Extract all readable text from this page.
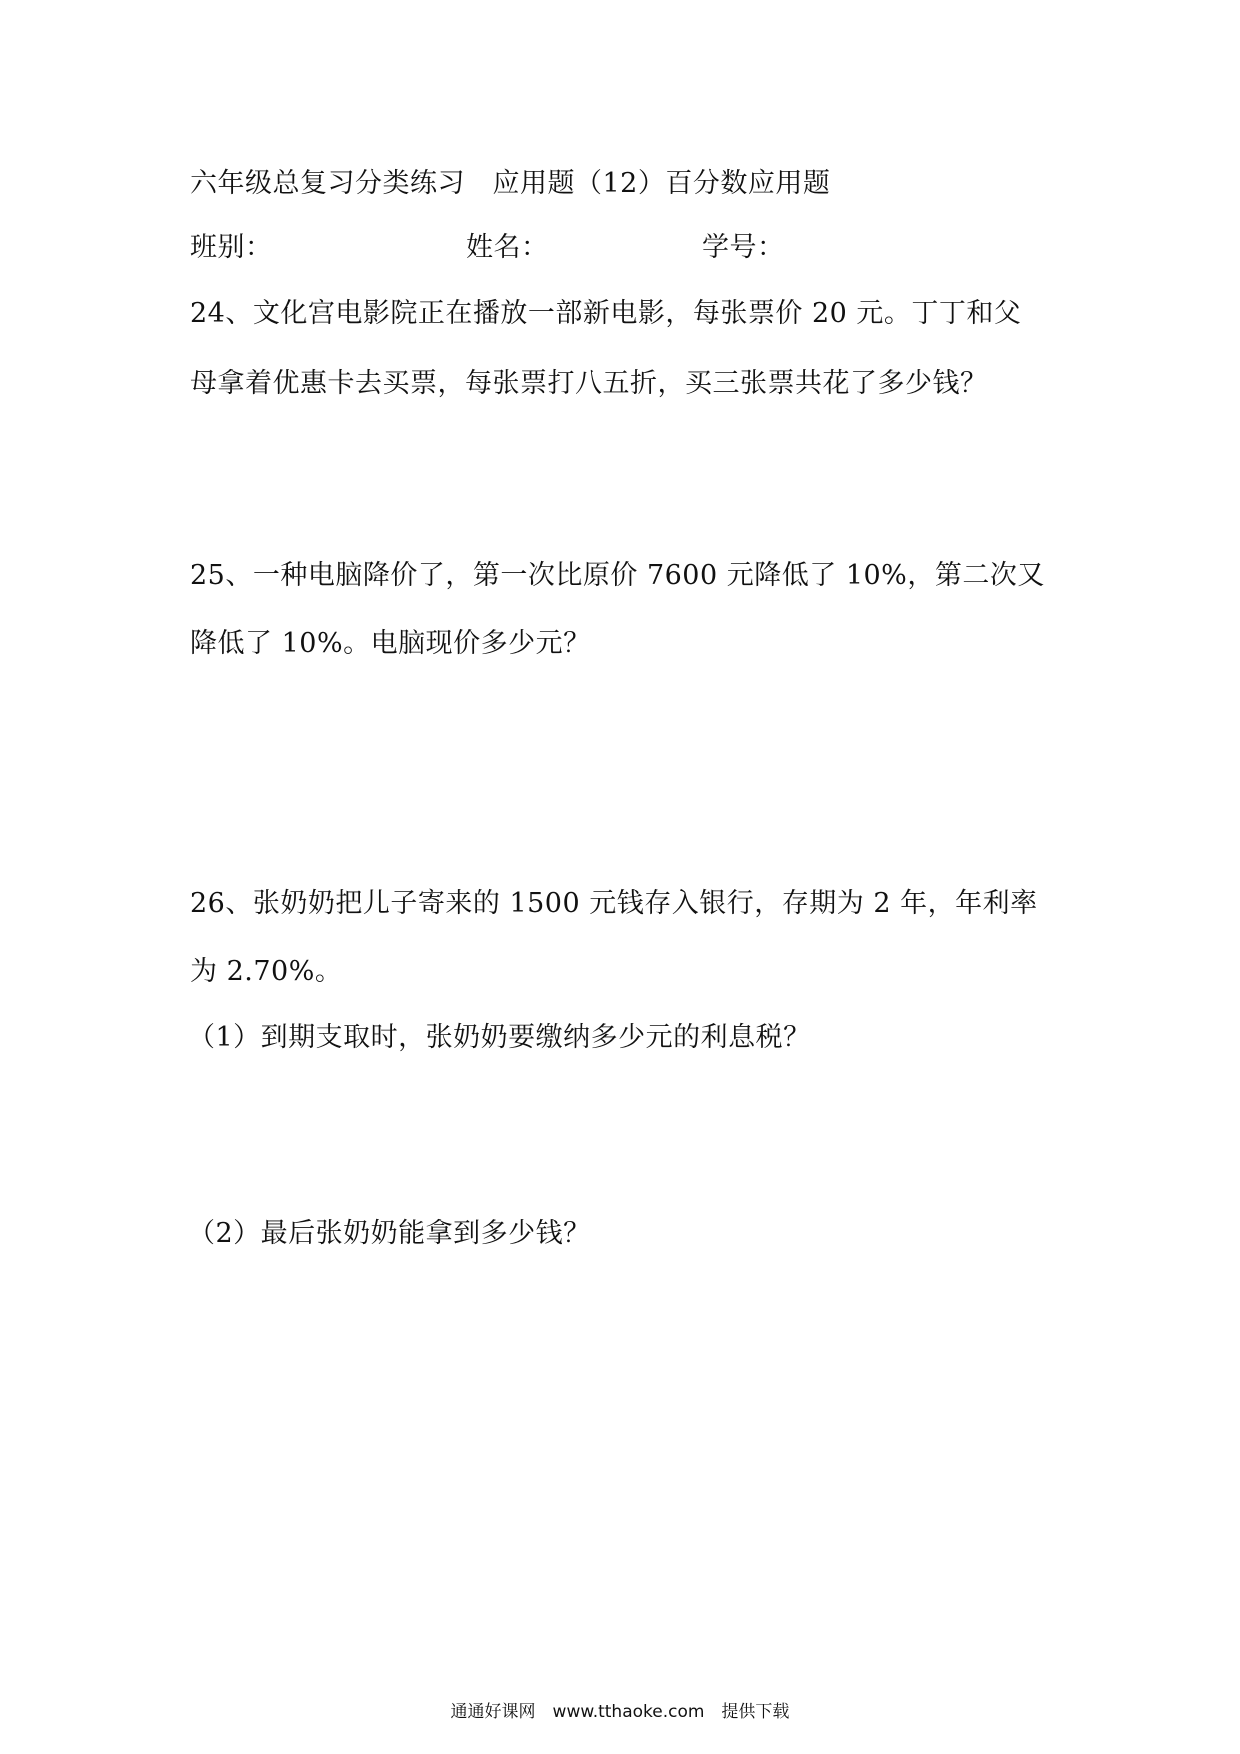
六年级总复习分类练习　应用题（12）百分数应用题
班别：	姓名：	学号：
24、文化宫电影院正在播放一部新电影，每张票价 20 元。丁丁和父
母拿着优惠卡去买票，每张票打八五折，买三张票共花了多少钱？
25、一种电脑降价了，第一次比原价 7600 元降低了 10%，第二次又
降低了 10%。电脑现价多少元？
26、张奶奶把儿子寄来的 1500 元钱存入银行，存期为 2 年，年利率
为 2.70%。
（1）到期支取时，张奶奶要缴纳多少元的利息税？
（2）最后张奶奶能拿到多少钱？
通通好课网　www.tthaoke.com　提供下载
